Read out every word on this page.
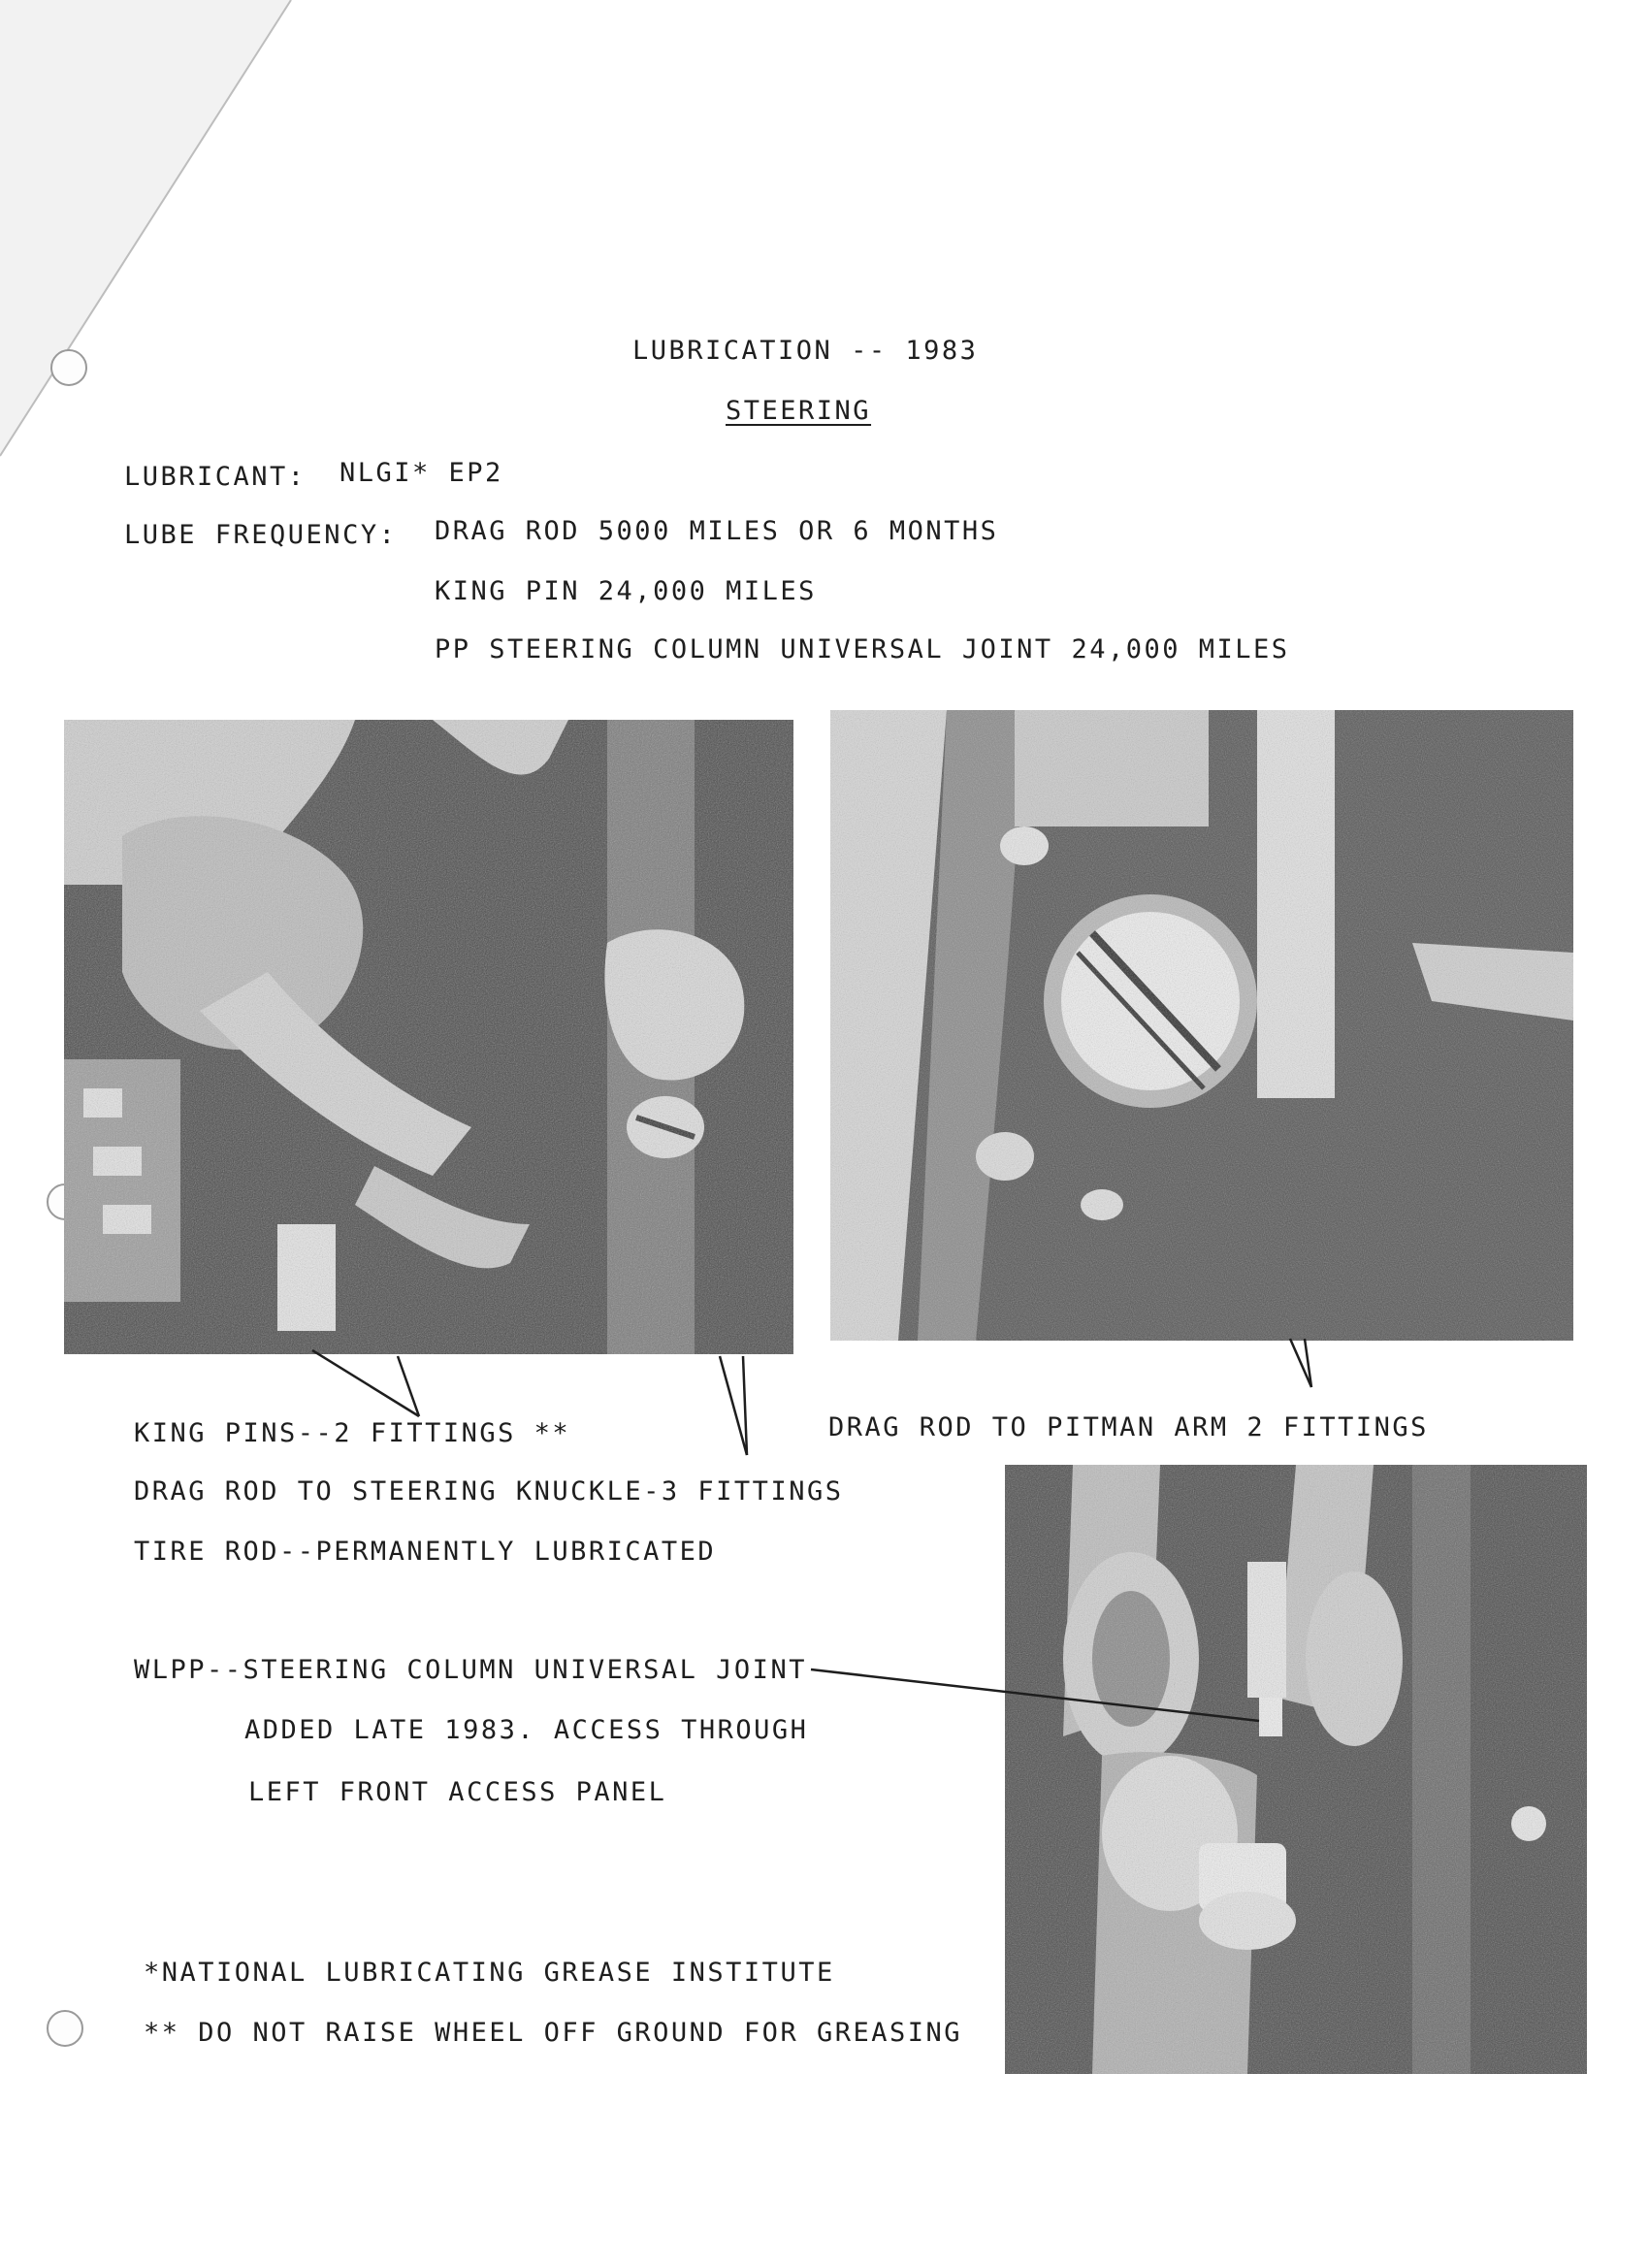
LUBRICATION -- 1983
STEERING
LUBRICANT: NLGI* EP2
LUBE FREQUENCY: DRAG ROD 5000 MILES OR 6 MONTHS
KING PIN 24,000 MILES
PP STEERING COLUMN UNIVERSAL JOINT 24,000 MILES
KING PINS--2 FITTINGS **
DRAG ROD TO STEERING KNUCKLE-3 FITTINGS
TIRE ROD--PERMANENTLY LUBRICATED
DRAG ROD TO PITMAN ARM 2 FITTINGS
WLPP--STEERING COLUMN UNIVERSAL JOINT
ADDED LATE 1983. ACCESS THROUGH
LEFT FRONT ACCESS PANEL
*NATIONAL LUBRICATING GREASE INSTITUTE
** DO NOT RAISE WHEEL OFF GROUND FOR GREASING
